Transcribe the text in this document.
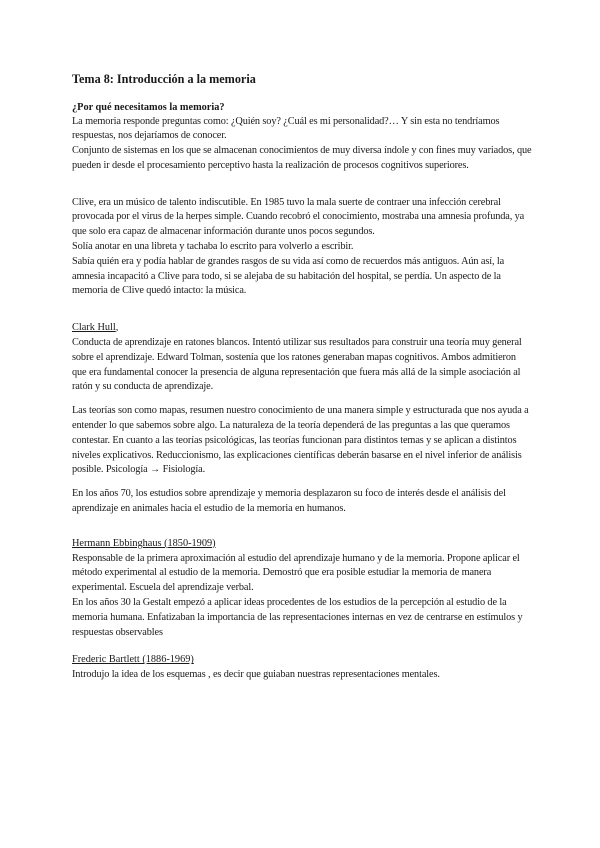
Tema 8: Introducción a la memoria
¿Por qué necesitamos la memoria?

La memoria responde preguntas como: ¿Quién soy? ¿Cuál es mi personalidad?… Y sin esta no tendríamos respuestas, nos dejaríamos de conocer.

Conjunto de sistemas en los que se almacenan conocimientos de muy diversa índole y con fines muy variados, que pueden ir desde el procesamiento perceptivo hasta la realización de procesos cognitivos superiores.

Clive, era un músico de talento indiscutible. En 1985 tuvo la mala suerte de contraer una infección cerebral provocada por el virus de la herpes simple. Cuando recobró el conocimiento, mostraba una amnesia profunda, ya que solo era capaz de almacenar información durante unos pocos segundos.

Solía anotar en una libreta y tachaba lo escrito para volverlo a escribir.

Sabía quién era y podía hablar de grandes rasgos de su vida así como de recuerdos más antiguos. Aún así, la amnesia incapacitó a Clive para todo, si se alejaba de su habitación del hospital, se perdía. Un aspecto de la memoria de Clive quedó intacto: la música.

Clark Hull,

Conducta de aprendizaje en ratones blancos. Intentó utilizar sus resultados para construir una teoría muy general sobre el aprendizaje. Edward Tolman, sostenía que los ratones generaban mapas cognitivos. Ambos admitieron que era fundamental conocer la presencia de alguna representación que fuera más allá de la simple asociación al ratón y su conducta de aprendizaje.

Las teorías son como mapas, resumen nuestro conocimiento de una manera simple y estructurada que nos ayuda a entender lo que sabemos sobre algo. La naturaleza de la teoría dependerá de las preguntas a las que queramos contestar. En cuanto a las teorías psicológicas, las teorías funcionan para distintos temas y se aplican a distintos niveles explicativos. Reduccionismo, las explicaciones científicas deberán basarse en el nivel inferior de análisis posible. Psicología → Fisiología.

En los años 70, los estudios sobre aprendizaje y memoria desplazaron su foco de interés desde el análisis del aprendizaje en animales hacia el estudio de la memoria en humanos.

Hermann Ebbinghaus (1850-1909)

Responsable de la primera aproximación al estudio del aprendizaje humano y de la memoria. Propone aplicar el método experimental al estudio de la memoria. Demostró que era posible estudiar la memoria de manera experimental. Escuela del aprendizaje verbal.

En los años 30 la Gestalt empezó a aplicar ideas procedentes de los estudios de la percepción al estudio de la memoria humana. Enfatizaban la importancia de las representaciones internas en vez de centrarse en estímulos y respuestas observables

Frederic Bartlett (1886-1969)

Introdujo la idea de los esquemas , es decir que guiaban nuestras representaciones mentales.
